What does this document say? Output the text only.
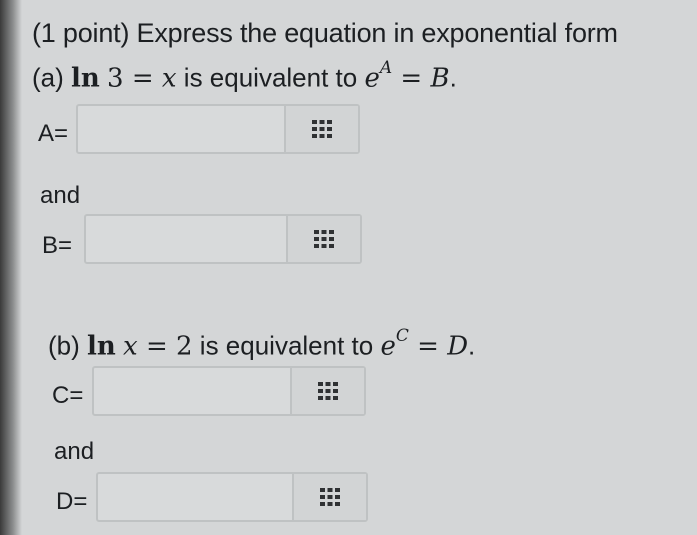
(1 point) Express the equation in exponential form
(a) ln 3 = x is equivalent to $e^A = B$.
A=
and
B=
(b) ln x = 2 is equivalent to $e^C = D$.
C=
and
D=
